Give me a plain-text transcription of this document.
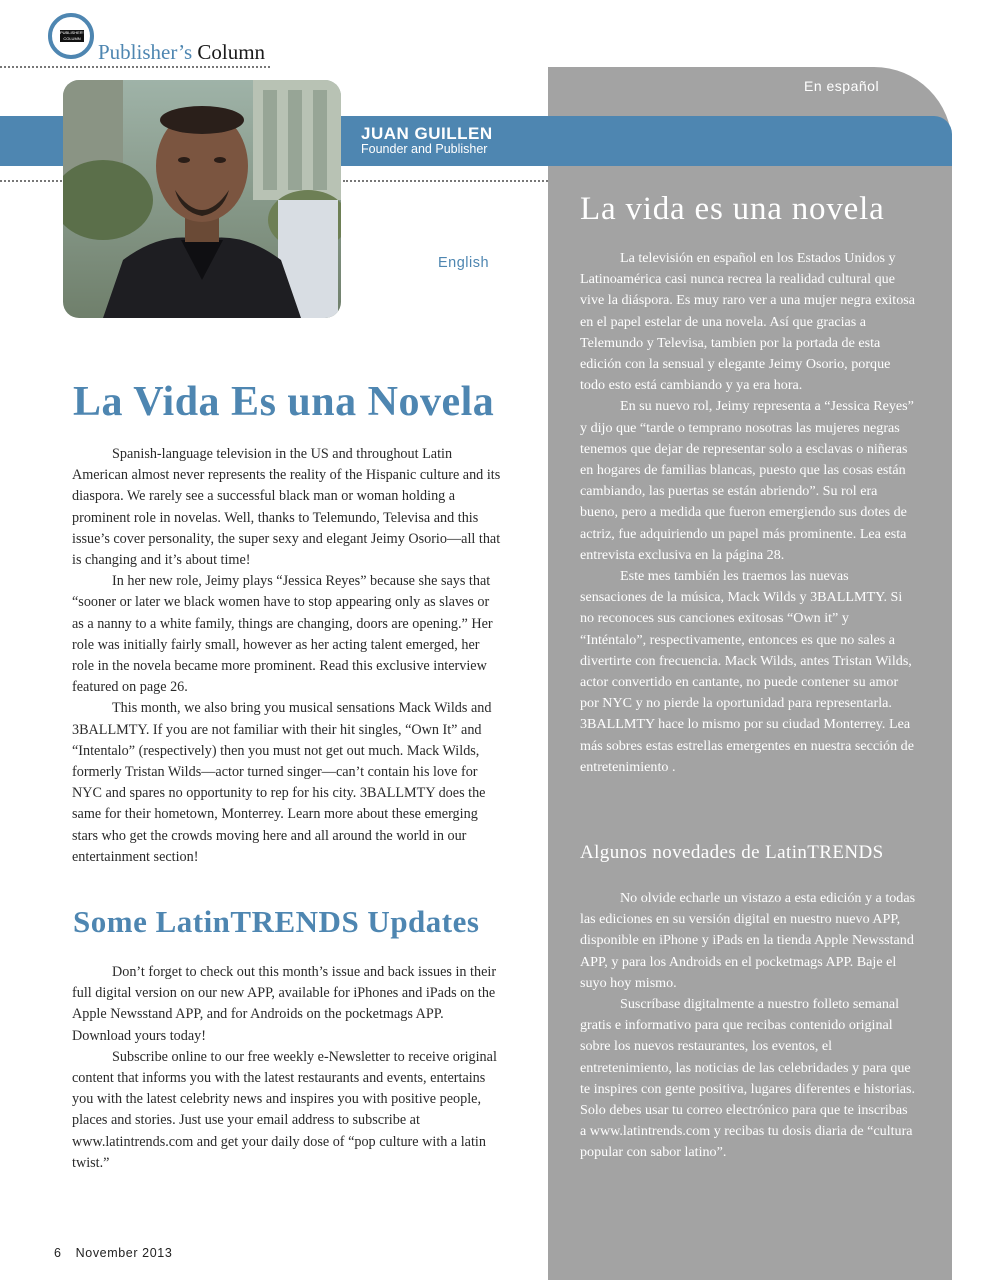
PUBLISHER'S COLUMN
Publisher’s Column
En español
JUAN GUILLEN
Founder and Publisher
English
La Vida Es una Novela

Spanish-language television in the US and throughout Latin American almost never represents the reality of the Hispanic culture and its diaspora. We rarely see a successful black man or woman holding a prominent role in novelas. Well, thanks to Telemundo, Televisa and this issue’s cover personality, the super sexy and elegant Jeimy Osorio—all that is changing and it’s about time!

In her new role, Jeimy plays “Jessica Reyes” because she says that “sooner or later we black women have to stop appearing only as slaves or as a nanny to a white family, things are changing, doors are opening.” Her role was initially fairly small, however as her acting talent emerged, her role in the novela became more prominent. Read this exclusive interview featured on page 26.

This month, we also bring you musical sensations Mack Wilds and 3BALLMTY. If you are not familiar with their hit singles, “Own It” and “Intentalo” (respectively) then you must not get out much. Mack Wilds, formerly Tristan Wilds—actor turned singer—can’t contain his love for NYC and spares no opportunity to rep for his city. 3BALLMTY does the same for their hometown, Monterrey. Learn more about these emerging stars who get the crowds moving here and all around the world in our entertainment section!

Some LatinTRENDS Updates

Don’t forget to check out this month’s issue and back issues in their full digital version on our new APP, available for iPhones and iPads on the Apple Newsstand APP, and for Androids on the pocketmags APP. Download yours today!

Subscribe online to our free weekly e-Newsletter to receive original content that informs you with the latest restaurants and events, entertains you with the latest celebrity news and inspires you with positive people, places and stories. Just use your email address to subscribe at www.latintrends.com and get your daily dose of “pop culture with a latin twist.”

La vida es una novela

La televisión en español en los Estados Unidos y Latinoamérica casi nunca recrea la realidad cultural que vive la diáspora. Es muy raro ver a una mujer negra exitosa en el papel estelar de una novela. Así que gracias a Telemundo y Televisa, tambien por la portada de esta edición con la sensual y elegante Jeimy Osorio, porque todo esto está cambiando y ya era hora.

En su nuevo rol, Jeimy representa a “Jessica Reyes” y dijo que “tarde o temprano nosotras las mujeres negras tenemos que dejar de representar solo a esclavas o niñeras en hogares de familias blancas, puesto que las cosas están cambiando, las puertas se están abriendo”. Su rol era bueno, pero a medida que fueron emergiendo sus dotes de actriz, fue adquiriendo un papel más prominente. Lea esta entrevista exclusiva en la página 28.

Este mes también les traemos las nuevas sensaciones de la música, Mack Wilds y 3BALLMTY. Si no reconoces sus canciones exitosas “Own it” y “Inténtalo”, respectivamente, entonces es que no sales a divertirte con frecuencia. Mack Wilds, antes Tristan Wilds, actor convertido en cantante, no puede contener su amor por NYC y no pierde la oportunidad para representarla. 3BALLMTY hace lo mismo por su ciudad Monterrey. Lea más sobres estas estrellas emergentes en nuestra sección de entretenimiento .

Algunos novedades de LatinTRENDS

No olvide echarle un vistazo a esta edición y a todas las ediciones en su versión digital en nuestro nuevo APP, disponible en iPhone y iPads en la tienda Apple Newsstand APP, y para los Androids en el pocketmags APP. Baje el suyo hoy mismo.

Suscríbase digitalmente a nuestro folleto semanal gratis e informativo para que recibas contenido original sobre los nuevos restaurantes, los eventos, el entretenimiento, las noticias de las celebridades y para que te inspires con gente positiva, lugares diferentes e historias. Solo debes usar tu correo electrónico para que te inscribas a www.latintrends.com y recibas tu dosis diaria de “cultura popular con sabor latino”.

6 November 2013
